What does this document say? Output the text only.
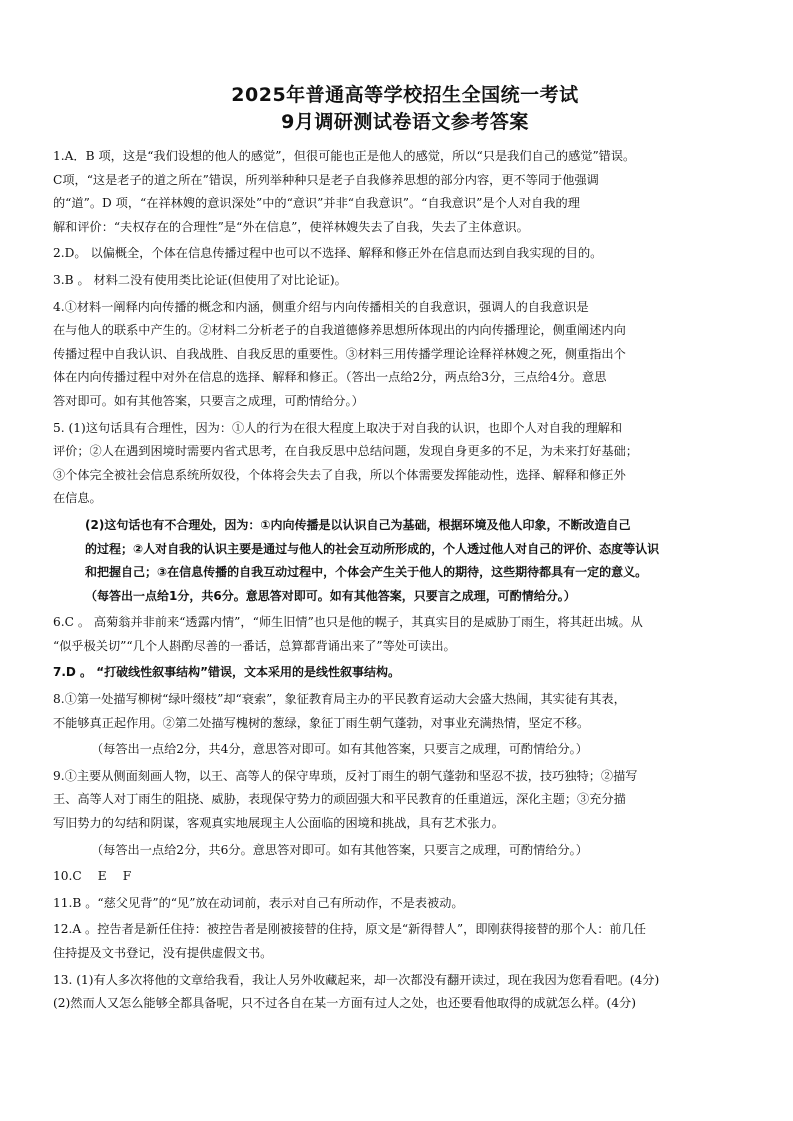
2025年普通高等学校招生全国统一考试
9月调研测试卷语文参考答案
1.A．B 项，这是“我们设想的他人的感觉”，但很可能也正是他人的感觉，所以“只是我们自己的感觉”错误。
C项，“这是老子的道之所在”错误，所列举种种只是老子自我修养思想的部分内容，更不等同于他强调
的“道”。D 项，“在祥林嫂的意识深处”中的“意识”并非“自我意识”。“自我意识”是个人对自我的理
解和评价：“夫权存在的合理性”是“外在信息”，使祥林嫂失去了自我，失去了主体意识。
2.D。 以偏概全，个体在信息传播过程中也可以不选择、解释和修正外在信息而达到自我实现的目的。
3.B 。 材料二没有使用类比论证(但使用了对比论证)。
4.①材料一阐释内向传播的概念和内涵，侧重介绍与内向传播相关的自我意识，强调人的自我意识是
在与他人的联系中产生的。②材料二分析老子的自我道德修养思想所体现出的内向传播理论，侧重阐述内向
传播过程中自我认识、自我战胜、自我反思的重要性。③材料三用传播学理论诠释祥林嫂之死，侧重指出个
体在内向传播过程中对外在信息的选择、解释和修正。（答出一点给2分，两点给3分，三点给4分。意思
答对即可。如有其他答案，只要言之成理，可酌情给分。）
5. (1)这句话具有合理性，因为：①人的行为在很大程度上取决于对自我的认识，也即个人对自我的理解和
评价；②人在遇到困境时需要内省式思考，在自我反思中总结问题，发现自身更多的不足，为未来打好基础；
③个体完全被社会信息系统所奴役，个体将会失去了自我，所以个体需要发挥能动性，选择、解释和修正外
在信息。
(2)这句话也有不合理处，因为：①内向传播是以认识自己为基础，根据环境及他人印象，不断改造自己
的过程；②人对自我的认识主要是通过与他人的社会互动所形成的，个人透过他人对自己的评价、态度等认识
和把握自己；③在信息传播的自我互动过程中，个体会产生关于他人的期待，这些期待都具有一定的意义。
（每答出一点给1分，共6分。意思答对即可。如有其他答案，只要言之成理，可酌情给分。）
6.C 。 高菊翁并非前来“透露内情”，“师生旧情”也只是他的幌子，其真实目的是威胁丁雨生，将其赶出城。从
“似乎极关切”“几个人斟酌尽善的一番话，总算都背诵出来了”等处可读出。
7.D 。 “打破线性叙事结构”错误，文本采用的是线性叙事结构。
8.①第一处描写柳树“绿叶缀枝”却“衰索”，象征教育局主办的平民教育运动大会盛大热闹，其实徒有其表，
不能够真正起作用。②第二处描写槐树的葱绿，象征丁雨生朝气蓬勃，对事业充满热情，坚定不移。
（每答出一点给2分，共4分，意思答对即可。如有其他答案，只要言之成理，可酌情给分。）
9.①主要从侧面刻画人物，以王、高等人的保守卑琐，反衬丁雨生的朝气蓬勃和坚忍不拔，技巧独特；②描写
王、高等人对丁雨生的阻挠、威胁，表现保守势力的顽固强大和平民教育的任重道远，深化主题；③充分描
写旧势力的勾结和阴谋，客观真实地展现主人公面临的困境和挑战，具有艺术张力。
（每答出一点给2分，共6分。意思答对即可。如有其他答案，只要言之成理，可酌情给分。）
10.C　 E　 F
11.B 。“慈父见背”的“见”放在动词前，表示对自己有所动作，不是表被动。
12.A 。控告者是新任住持：被控告者是刚被接替的住持，原文是“新得替人”，即刚获得接替的那个人：前几任
住持提及文书登记，没有提供虚假文书。
13. (1)有人多次将他的文章给我看，我让人另外收藏起来，却一次都没有翻开读过，现在我因为您看看吧。(4分)
(2)然而人又怎么能够全都具备呢，只不过各自在某一方面有过人之处，也还要看他取得的成就怎么样。(4分)
